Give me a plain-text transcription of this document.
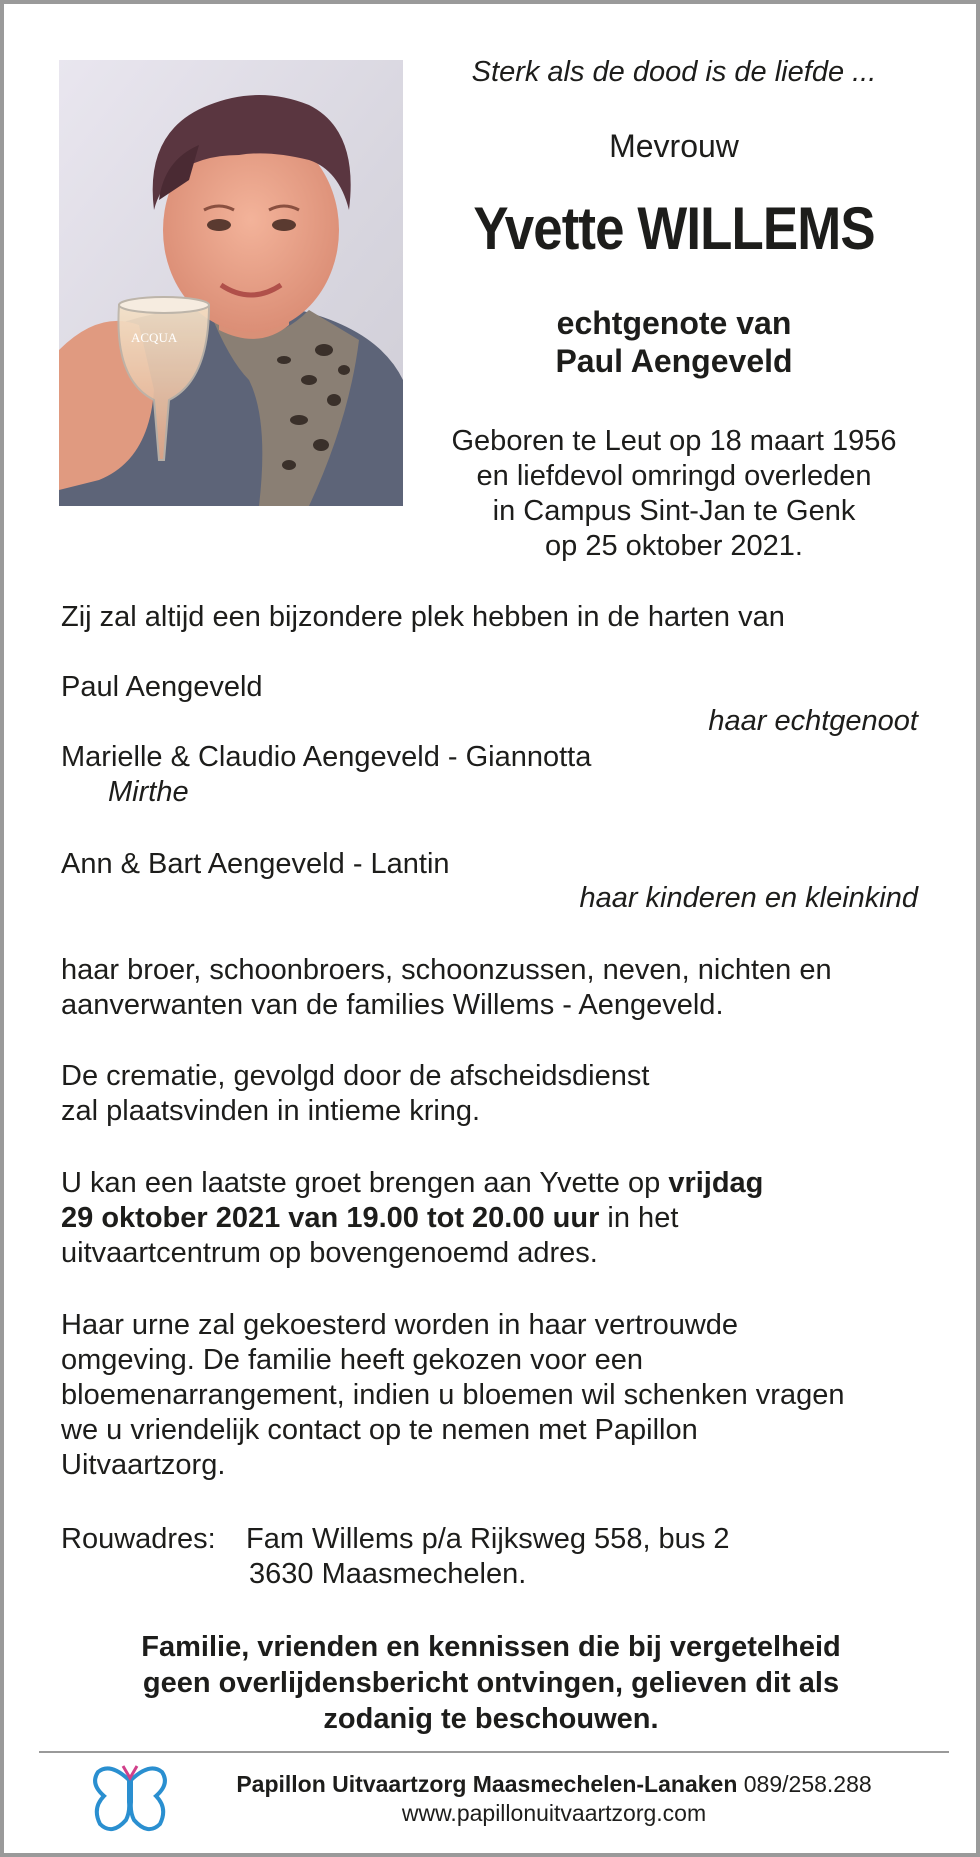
ACQUA
Sterk als de dood is de liefde ...
Mevrouw
Yvette WILLEMS
echtgenote van
Paul Aengeveld
Geboren te Leut op 18 maart 1956
en liefdevol omringd overleden
in Campus Sint-Jan te Genk
op 25 oktober 2021.
Zij zal altijd een bijzondere plek hebben in de harten van
Paul Aengeveld
haar echtgenoot
Marielle & Claudio Aengeveld - Giannotta
Mirthe
Ann & Bart Aengeveld - Lantin
haar kinderen en kleinkind
haar broer, schoonbroers, schoonzussen, neven, nichten en
aanverwanten van de families Willems - Aengeveld.
De crematie, gevolgd door de afscheidsdienst
zal plaatsvinden in intieme kring.
U kan een laatste groet brengen aan Yvette op vrijdag
29 oktober 2021 van 19.00 tot 20.00 uur in het
uitvaartcentrum op bovengenoemd adres.
Haar urne zal gekoesterd worden in haar vertrouwde
omgeving. De familie heeft gekozen voor een
bloemenarrangement, indien u bloemen wil schenken vragen
we u vriendelijk contact op te nemen met Papillon
Uitvaartzorg.
Rouwadres: Fam Willems p/a Rijksweg 558, bus 2
3630 Maasmechelen.
Familie, vrienden en kennissen die bij vergetelheid
geen overlijdensbericht ontvingen, gelieven dit als
zodanig te beschouwen.
Papillon Uitvaartzorg Maasmechelen-Lanaken 089/258.288
www.papillonuitvaartzorg.com
